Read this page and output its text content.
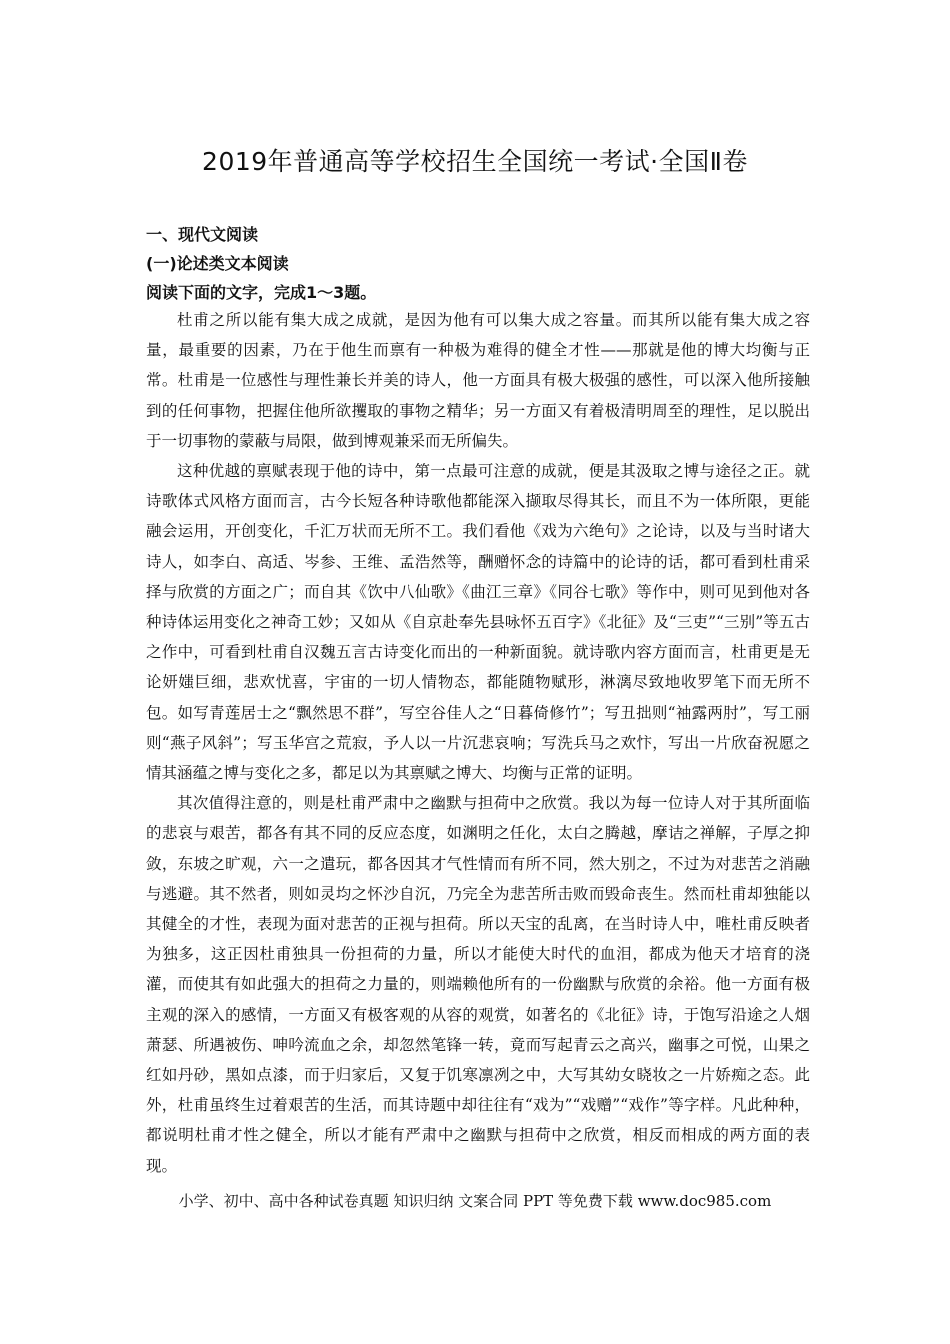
2019年普通高等学校招生全国统一考试·全国Ⅱ卷
一、现代文阅读
(一)论述类文本阅读
阅读下面的文字，完成1～3题。

杜甫之所以能有集大成之成就，是因为他有可以集大成之容量。而其所以能有集大成之容量，最重要的因素，乃在于他生而禀有一种极为难得的健全才性——那就是他的博大均衡与正常。杜甫是一位感性与理性兼长并美的诗人，他一方面具有极大极强的感性，可以深入他所接触到的任何事物，把握住他所欲攫取的事物之精华；另一方面又有着极清明周至的理性，足以脱出于一切事物的蒙蔽与局限，做到博观兼采而无所偏失。

这种优越的禀赋表现于他的诗中，第一点最可注意的成就，便是其汲取之博与途径之正。就诗歌体式风格方面而言，古今长短各种诗歌他都能深入撷取尽得其长，而且不为一体所限，更能融会运用，开创变化，千汇万状而无所不工。我们看他《戏为六绝句》之论诗，以及与当时诸大诗人，如李白、高适、岑参、王维、孟浩然等，酬赠怀念的诗篇中的论诗的话，都可看到杜甫采择与欣赏的方面之广；而自其《饮中八仙歌》《曲江三章》《同谷七歌》等作中，则可见到他对各种诗体运用变化之神奇工妙；又如从《自京赴奉先县咏怀五百字》《北征》及“三吏”“三别”等五古之作中，可看到杜甫自汉魏五言古诗变化而出的一种新面貌。就诗歌内容方面而言，杜甫更是无论妍媸巨细，悲欢忧喜，宇宙的一切人情物态，都能随物赋形，淋漓尽致地收罗笔下而无所不包。如写青莲居士之“飘然思不群”，写空谷佳人之“日暮倚修竹”；写丑拙则“袖露两肘”，写工丽则“燕子风斜”；写玉华宫之荒寂，予人以一片沉悲哀响；写洗兵马之欢忭，写出一片欣奋祝愿之情其涵蕴之博与变化之多，都足以为其禀赋之博大、均衡与正常的证明。

其次值得注意的，则是杜甫严肃中之幽默与担荷中之欣赏。我以为每一位诗人对于其所面临的悲哀与艰苦，都各有其不同的反应态度，如渊明之任化，太白之腾越，摩诘之禅解，子厚之抑敛，东坡之旷观，六一之遣玩，都各因其才气性情而有所不同，然大别之，不过为对悲苦之消融与逃避。其不然者，则如灵均之怀沙自沉，乃完全为悲苦所击败而毁命丧生。然而杜甫却独能以其健全的才性，表现为面对悲苦的正视与担荷。所以天宝的乱离，在当时诗人中，唯杜甫反映者为独多，这正因杜甫独具一份担荷的力量，所以才能使大时代的血泪，都成为他天才培育的浇灌，而使其有如此强大的担荷之力量的，则端赖他所有的一份幽默与欣赏的余裕。他一方面有极主观的深入的感情，一方面又有极客观的从容的观赏，如著名的《北征》诗，于饱写沿途之人烟萧瑟、所遇被伤、呻吟流血之余，却忽然笔锋一转，竟而写起青云之高兴，幽事之可悦，山果之红如丹砂，黑如点漆，而于归家后，又复于饥寒凛冽之中，大写其幼女晓妆之一片娇痴之态。此外，杜甫虽终生过着艰苦的生活，而其诗题中却往往有“戏为”“戏赠”“戏作”等字样。凡此种种，都说明杜甫才性之健全，所以才能有严肃中之幽默与担荷中之欣赏，相反而相成的两方面的表现。

小学、初中、高中各种试卷真题 知识归纳 文案合同 PPT 等免费下载 www.doc985.com
